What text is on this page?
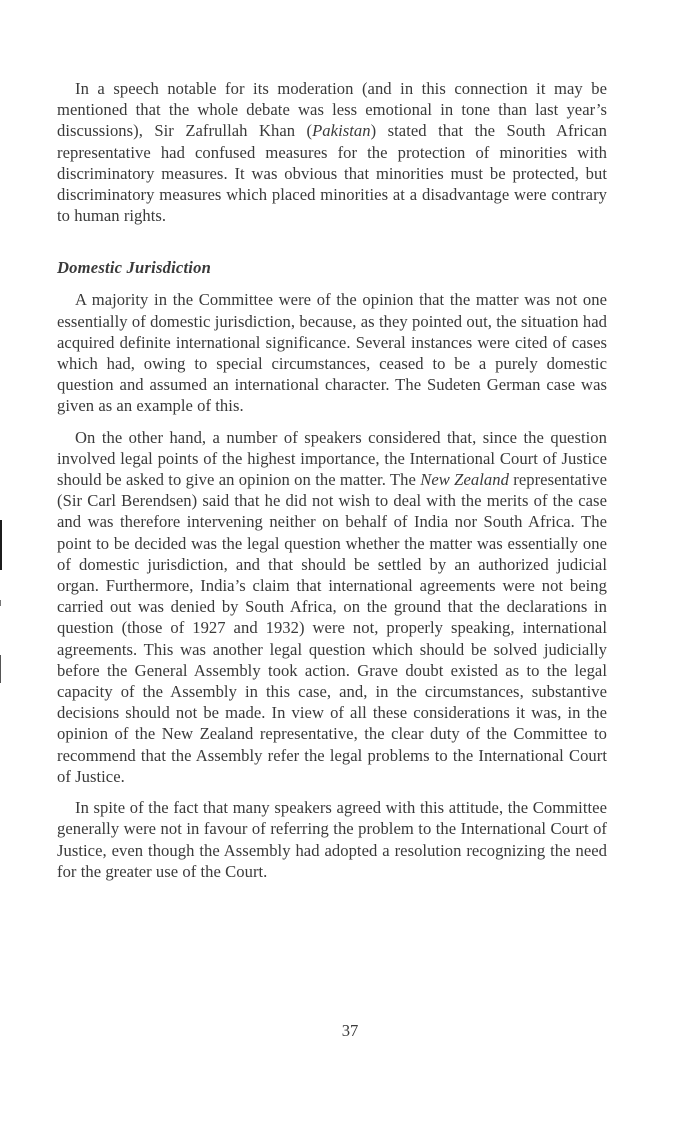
In a speech notable for its moderation (and in this connection it may be mentioned that the whole debate was less emotional in tone than last year’s discussions), Sir Zafrullah Khan (Pakistan) stated that the South African representative had confused measures for the protection of minorities with discriminatory measures. It was obvious that minorities must be protected, but discriminatory measures which placed minorities at a disadvantage were contrary to human rights.

Domestic Jurisdiction

A majority in the Committee were of the opinion that the matter was not one essentially of domestic jurisdiction, because, as they pointed out, the situation had acquired definite international significance. Several instances were cited of cases which had, owing to special circumstances, ceased to be a purely domestic question and assumed an international character. The Sudeten German case was given as an example of this.

On the other hand, a number of speakers considered that, since the question involved legal points of the highest importance, the International Court of Justice should be asked to give an opinion on the matter. The New Zealand representative (Sir Carl Berendsen) said that he did not wish to deal with the merits of the case and was therefore intervening neither on behalf of India nor South Africa. The point to be decided was the legal question whether the matter was essentially one of domestic jurisdiction, and that should be settled by an authorized judicial organ. Furthermore, India’s claim that international agreements were not being carried out was denied by South Africa, on the ground that the declarations in question (those of 1927 and 1932) were not, properly speaking, international agreements. This was another legal question which should be solved judicially before the General Assembly took action. Grave doubt existed as to the legal capacity of the Assembly in this case, and, in the circumstances, substantive decisions should not be made. In view of all these considerations it was, in the opinion of the New Zealand representative, the clear duty of the Committee to recommend that the Assembly refer the legal problems to the International Court of Justice.

In spite of the fact that many speakers agreed with this attitude, the Committee generally were not in favour of referring the problem to the International Court of Justice, even though the Assembly had adopted a resolution recognizing the need for the greater use of the Court.

37
